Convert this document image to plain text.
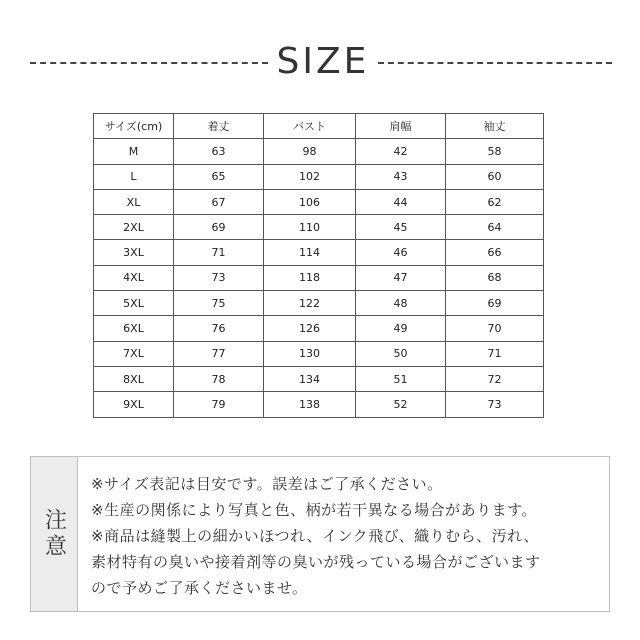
SIZE
サイズ(cm)	着丈	バスト	肩幅	袖丈
M	63	98	42	58
L	65	102	43	60
XL	67	106	44	62
2XL	69	110	45	64
3XL	71	114	46	66
4XL	73	118	47	68
5XL	75	122	48	69
6XL	76	126	49	70
7XL	77	130	50	71
8XL	78	134	51	72
9XL	79	138	52	73
注意
※サイズ表記は目安です。誤差はご了承ください。
※生産の関係により写真と色、柄が若干異なる場合があります。
※商品は縫製上の細かいほつれ、インク飛び、織りむら、汚れ、
素材特有の臭いや接着剤等の臭いが残っている場合がございます
ので予めご了承くださいませ。
